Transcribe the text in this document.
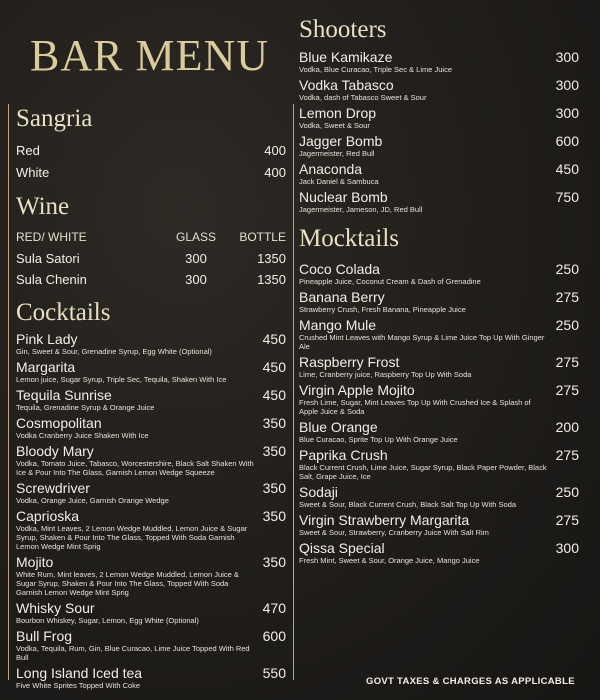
BAR MENU
Sangria
Red	400
White	400
Wine
RED/ WHITE	GLASS	BOTTLE
Sula Satori	300	1350
Sula Chenin	300	1350
Cocktails
Pink Lady	450
Gin, Sweet & Sour, Grenadine Syrup, Egg White (Optional)
Margarita	450
Lemon juice, Sugar Syrup, Triple Sec, Tequila, Shaken With Ice
Tequila Sunrise	450
Tequila, Grenadine Syrup & Orange Juice
Cosmopolitan	350
Vodka Cranberry Juice Shaken With Ice
Bloody Mary	350
Vodka, Tomato Juice, Tabasco, Worcestershire, Black Salt Shaken With Ice & Pour Into The Glass, Garnish Lemon Wedge Squeeze
Screwdriver	350
Vodka, Orange Juice, Garnish Orange Wedge
Caprioska	350
Vodka, Mint Leaves, 2 Lemon Wedge Muddled, Lemon Juice & Sugar Syrup, Shaken & Pour Into The Glass, Topped With Soda Garnish Lemon Wedge Mint Sprig
Mojito	350
White Rum, Mint leaves, 2 Lemon Wedge Muddled, Lemon Juice & Sugar Syrup, Shaken & Pour Into The Glass, Topped With Soda Garnish Lemon Wedge Mint Sprig
Whisky Sour	470
Bourbon Whiskey, Sugar, Lemon, Egg White (Optional)
Bull Frog	600
Vodka, Tequila, Rum, Gin, Blue Curacao, Lime Juice Topped With Red Bull
Long Island Iced tea	550
Five White Sprites Topped With Coke
Shooters
Blue Kamikaze	300
Vodka, Blue Curacao, Triple Sec & Lime Juice
Vodka Tabasco	300
Vodka, dash of Tabasco Sweet & Sour
Lemon Drop	300
Vodka, Sweet & Sour
Jagger Bomb	600
Jagermeister, Red Bull
Anaconda	450
Jack Daniel & Sambuca
Nuclear Bomb	750
Jagermeister, Jameson, JD, Red Bull
Mocktails
Coco Colada	250
Pineapple Juice, Coconut Cream & Dash of Grenadine
Banana Berry	275
Strawberry Crush, Fresh Banana, Pineapple Juice
Mango Mule	250
Crushed Mint Leaves with Mango Syrup & Lime Juice Top Up With Ginger Ale
Raspberry Frost	275
Lime, Cranberry juice, Raspberry Top Up With Soda
Virgin Apple Mojito	275
Fresh Lime, Sugar, Mint Leaves Top Up With Crushed Ice & Splash of Apple Juice & Soda
Blue Orange	200
Blue Curacao, Sprite Top Up With Orange Juice
Paprika Crush	275
Black Current Crush, Lime Juice, Sugar Syrup, Black Paper Powder, Black Salt, Grape Juice, Ice
Sodaji	250
Sweet & Sour, Black Current Crush, Black Salt Top Up With Soda
Virgin Strawberry Margarita	275
Sweet & Sour, Strawberry, Cranberry Juice With Salt Rim
Qissa Special	300
Fresh Mint, Sweet & Sour, Orange Juice, Mango Juice
GOVT TAXES & CHARGES AS APPLICABLE
